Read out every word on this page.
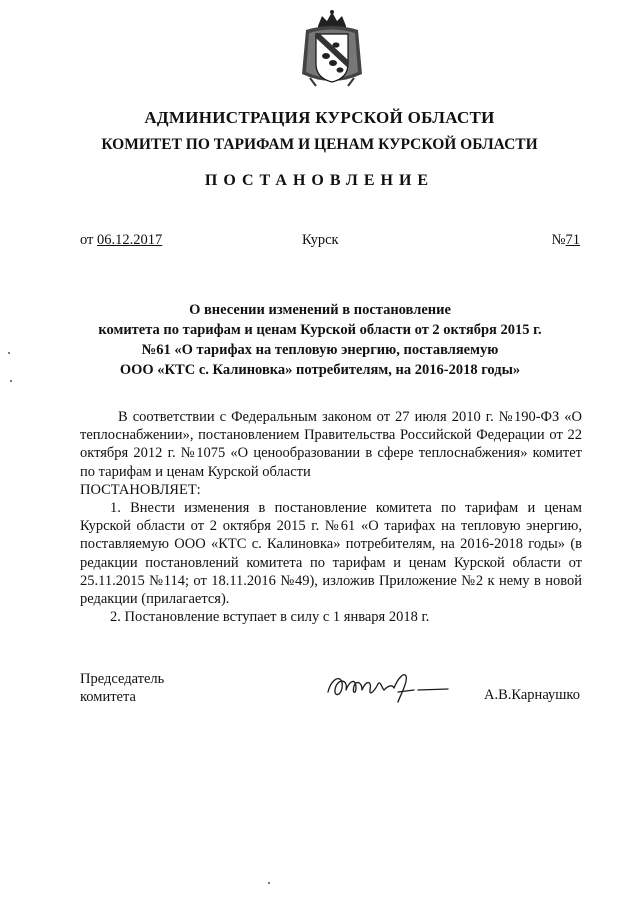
АДМИНИСТРАЦИЯ КУРСКОЙ ОБЛАСТИ
КОМИТЕТ ПО ТАРИФАМ И ЦЕНАМ КУРСКОЙ ОБЛАСТИ
ПОСТАНОВЛЕНИЕ
от 06.12.2017	Курск	№71
О внесении изменений в постановление
комитета по тарифам и ценам Курской области от 2 октября 2015 г.
№61 «О тарифах на тепловую энергию, поставляемую
ООО «КТС с. Калиновка» потребителям, на 2016-2018 годы»

В соответствии с Федеральным законом от 27 июля 2010 г. №190-ФЗ «О теплоснабжении», постановлением Правительства Российской Федерации от 22 октября 2012 г. №1075 «О ценообразовании в сфере теплоснабжения» комитет по тарифам и ценам Курской области

ПОСТАНОВЛЯЕТ:

1. Внести изменения в постановление комитета по тарифам и ценам Курской области от 2 октября 2015 г. №61 «О тарифах на тепловую энергию, поставляемую ООО «КТС с. Калиновка» потребителям, на 2016-2018 годы» (в редакции постановлений комитета по тарифам и ценам Курской области от 25.11.2015 №114; от 18.11.2016 №49), изложив Приложение №2 к нему в новой редакции (прилагается).

2. Постановление вступает в силу с 1 января 2018 г.

Председатель
комитета	А.В.Карнаушко
